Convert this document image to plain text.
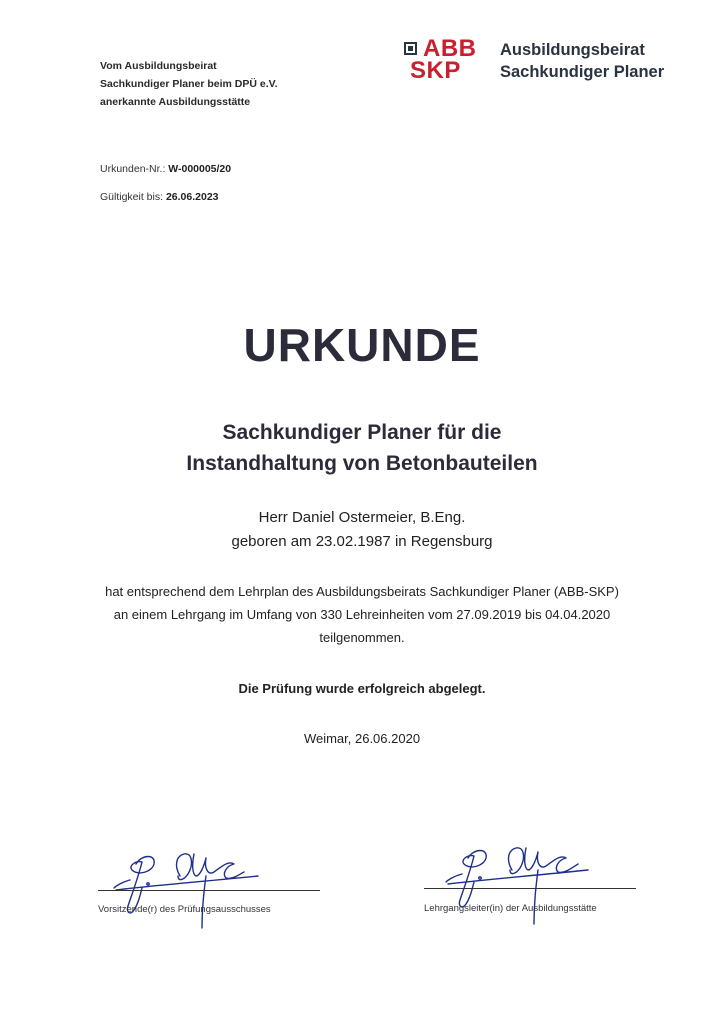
Vom Ausbildungsbeirat
Sachkundiger Planer beim DPÜ e.V.
anerkannte Ausbildungsstätte
ABB
SKP
Ausbildungsbeirat
Sachkundiger Planer
Urkunden-Nr.: W-000005/20
Gültigkeit bis: 26.06.2023
URKUNDE
Sachkundiger Planer für die
Instandhaltung von Betonbauteilen
Herr Daniel Ostermeier, B.Eng.
geboren am 23.02.1987 in Regensburg
hat entsprechend dem Lehrplan des Ausbildungsbeirats Sachkundiger Planer (ABB-SKP)
an einem Lehrgang im Umfang von 330 Lehreinheiten vom 27.09.2019 bis 04.04.2020
teilgenommen.
Die Prüfung wurde erfolgreich abgelegt.
Weimar, 26.06.2020
Vorsitzende(r) des Prüfungsausschusses	Lehrgangsleiter(in) der Ausbildungsstätte
